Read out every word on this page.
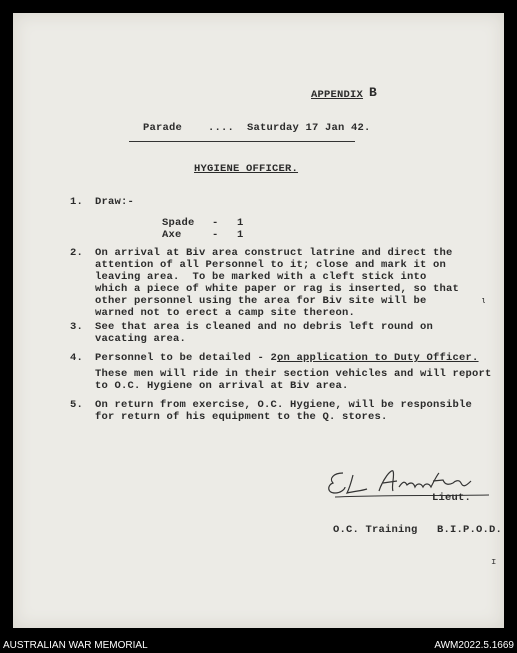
APPENDIX B
Parade    ....  Saturday 17 Jan 42.
HYGIENE OFFICER.
1. Draw:-
Spade - 1
Axe	- 1
2. On arrival at Biv area construct latrine and direct the
attention of all Personnel to it; close and mark it on
leaving area.  To be marked with a cleft stick into
which a piece of white paper or rag is inserted, so that
other personnel using the area for Biv site will be
warned not to erect a camp site thereon.
3. See that area is cleaned and no debris left round on
vacating area.
4. Personnel to be detailed - 2,
on application to Duty Officer.
These men will ride in their section vehicles and will report
to O.C. Hygiene on arrival at Biv area.
5. On return from exercise, O.C. Hygiene, will be responsible
for return of his equipment to the Q. stores.
Lieut.
O.C. Training   B.I.P.O.D.
ɩ
ɪ
AUSTRALIAN WAR MEMORIAL	AWM2022.5.1669
